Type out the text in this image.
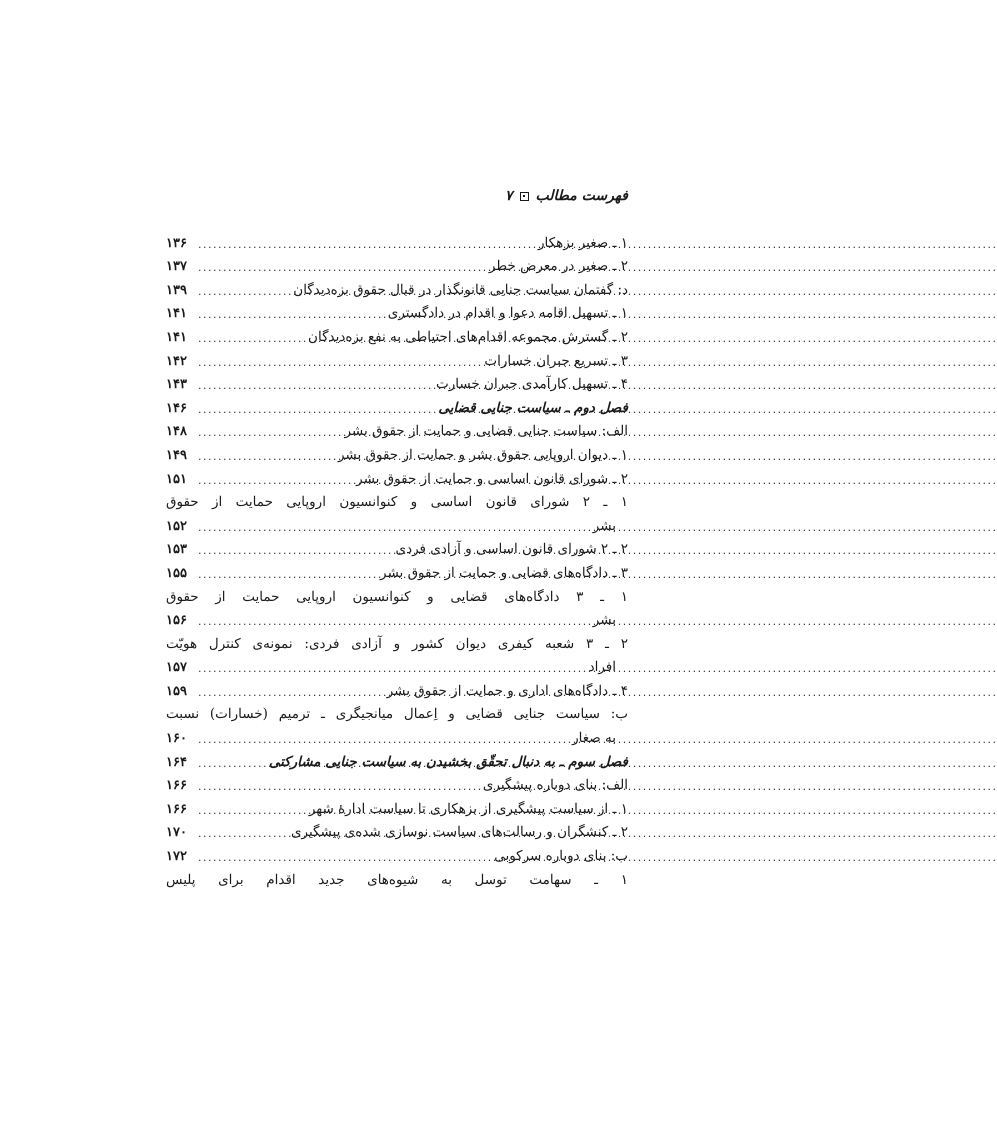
فهرست مطالب
۷
۱ ـ صغیر بزهکار
.....
۱۳۶
۲ ـ صغیر در معرض خطر
.....
۱۳۷
د: گفتمان سیاست جنایی قانونگذار در قبال حقوق بزه‌دیدگان
.....
۱۳۹
۱ ـ تسهیل اقامه دعوا و اقدام در دادگستری
.....
۱۴۱
۲ ـ گسترش مجموعه اقدام‌های احتیاطی به نفع بزه‌دیدگان
.....
۱۴۱
۳ ـ تسریع جبران خسارات
.....
۱۴۲
۴ ـ تسهیل کارآمدی جبران خسارت
.....
۱۴۳
فصل دوم ـ سیاست جنایی قضایی
.....
۱۴۶
الف: سیاست جنایی قضایی و حمایت از حقوق بشر
.....
۱۴۸
۱ ـ دیوان اروپایی حقوق بشر و حمایت از حقوق بشر
.....
۱۴۹
۲ ـ شورای قانون اساسی و حمایت از حقوق بشر
.....
۱۵۱
۱ ـ ۲ شورای قانون اساسی و کنوانسیون اروپایی حمایت از حقوق
بشر
.....
۱۵۲
۲ ـ ۲ شورای قانون اساسی و آزادی فردی
.....
۱۵۳
۳ ـ دادگاه‌های قضایی و حمایت از حقوق بشر
.....
۱۵۵
۱ ـ ۳ دادگاه‌های قضایی و کنوانسیون اروپایی حمایت از حقوق
بشر
.....
۱۵۶
۲ ـ ۳ شعبه کیفری دیوان کشور و آزادی فردی: نمونه‌ی کنترل هویّت
افراد
.....
۱۵۷
۴ ـ دادگاه‌های اداری و حمایت از حقوق بشر
.....
۱۵۹
ب: سیاست جنایی قضایی و اِعمال میانجیگری ـ ترمیم (خسارات) نسبت
به صغار
.....
۱۶۰
فصل سوم ـ به دنبال تحقّق بخشیدن به سیاست جنایی مشارکتی
.....
۱۶۴
الف: بنای دوباره پیشگیری
.....
۱۶۶
۱ ـ از سیاست پیشگیری از بزهکاری تا سیاست ادارهٔ شهر
.....
۱۶۶
۲ ـ کنشگران و رسالت‌های سیاست نوسازی شده‌ی پیشگیری
.....
۱۷۰
ب: بنای دوباره سرکوبی
.....
۱۷۲
۱ ـ سهامت توسل به شیوه‌های جدید اقدام برای پلیس
